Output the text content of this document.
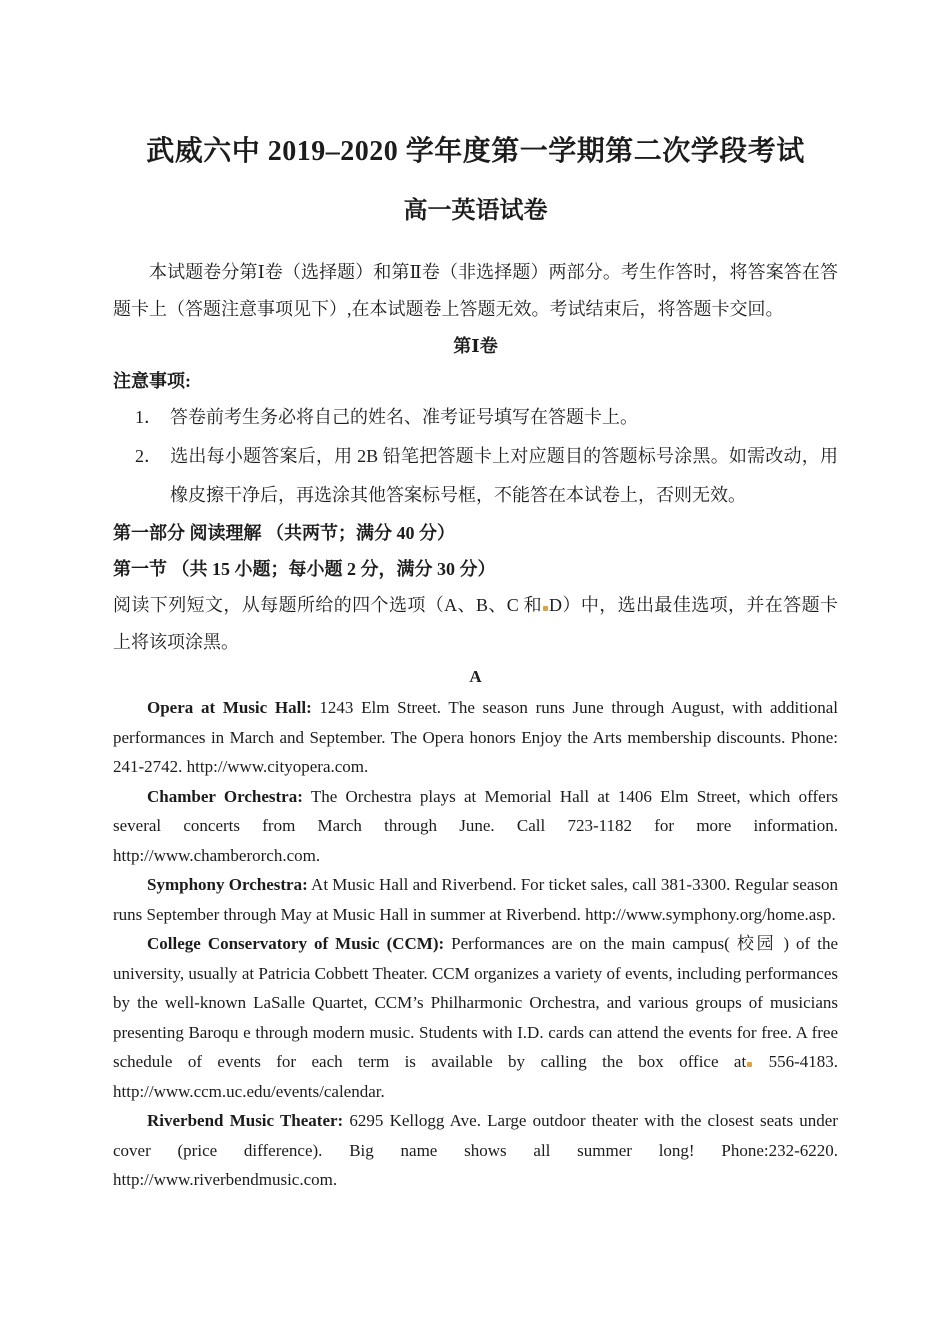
武威六中 2019–2020 学年度第一学期第二次学段考试
高一英语试卷

本试题卷分第Ⅰ卷（选择题）和第Ⅱ卷（非选择题）两部分。考生作答时，将答案答在答题卡上（答题注意事项见下）,在本试题卷上答题无效。考试结束后，将答题卡交回。

第Ⅰ卷

注意事项:

1． 答卷前考生务必将自己的姓名、准考证号填写在答题卡上。

2． 选出每小题答案后，用 2B 铅笔把答题卡上对应题目的答题标号涂黑。如需改动，用橡皮擦干净后，再选涂其他答案标号框，不能答在本试卷上，否则无效。

第一部分 阅读理解 （共两节；满分 40 分）

第一节 （共 15 小题；每小题 2 分，满分 30 分）

阅读下列短文，从每题所给的四个选项（A、B、C 和 D）中，选出最佳选项，并在答题卡上将该项涂黑。

A

Opera at Music Hall: 1243 Elm Street. The season runs June through August, with additional performances in March and September. The Opera honors Enjoy the Arts membership discounts. Phone: 241-2742. http://www.cityopera.com.

Chamber Orchestra: The Orchestra plays at Memorial Hall at 1406 Elm Street, which offers several concerts from March through June. Call 723-1182 for more information. http://www.chamberorch.com.

Symphony Orchestra: At Music Hall and Riverbend. For ticket sales, call 381-3300. Regular season runs September through May at Music Hall in summer at Riverbend. http://www.symphony.org/home.asp.

College Conservatory of Music (CCM): Performances are on the main campus( 校园 ) of the university, usually at Patricia Cobbett Theater. CCM organizes a variety of events, including performances by the well-known LaSalle Quartet, CCM’s Philharmonic Orchestra, and various groups of musicians presenting Baroqu e through modern music. Students with I.D. cards can attend the events for free. A free schedule of events for each term is available by calling the box office at 556-4183. http://www.ccm.uc.edu/events/calendar.

Riverbend Music Theater: 6295 Kellogg Ave. Large outdoor theater with the closest seats under cover (price difference). Big name shows all summer long! Phone:232-6220. http://www.riverbendmusic.com.
